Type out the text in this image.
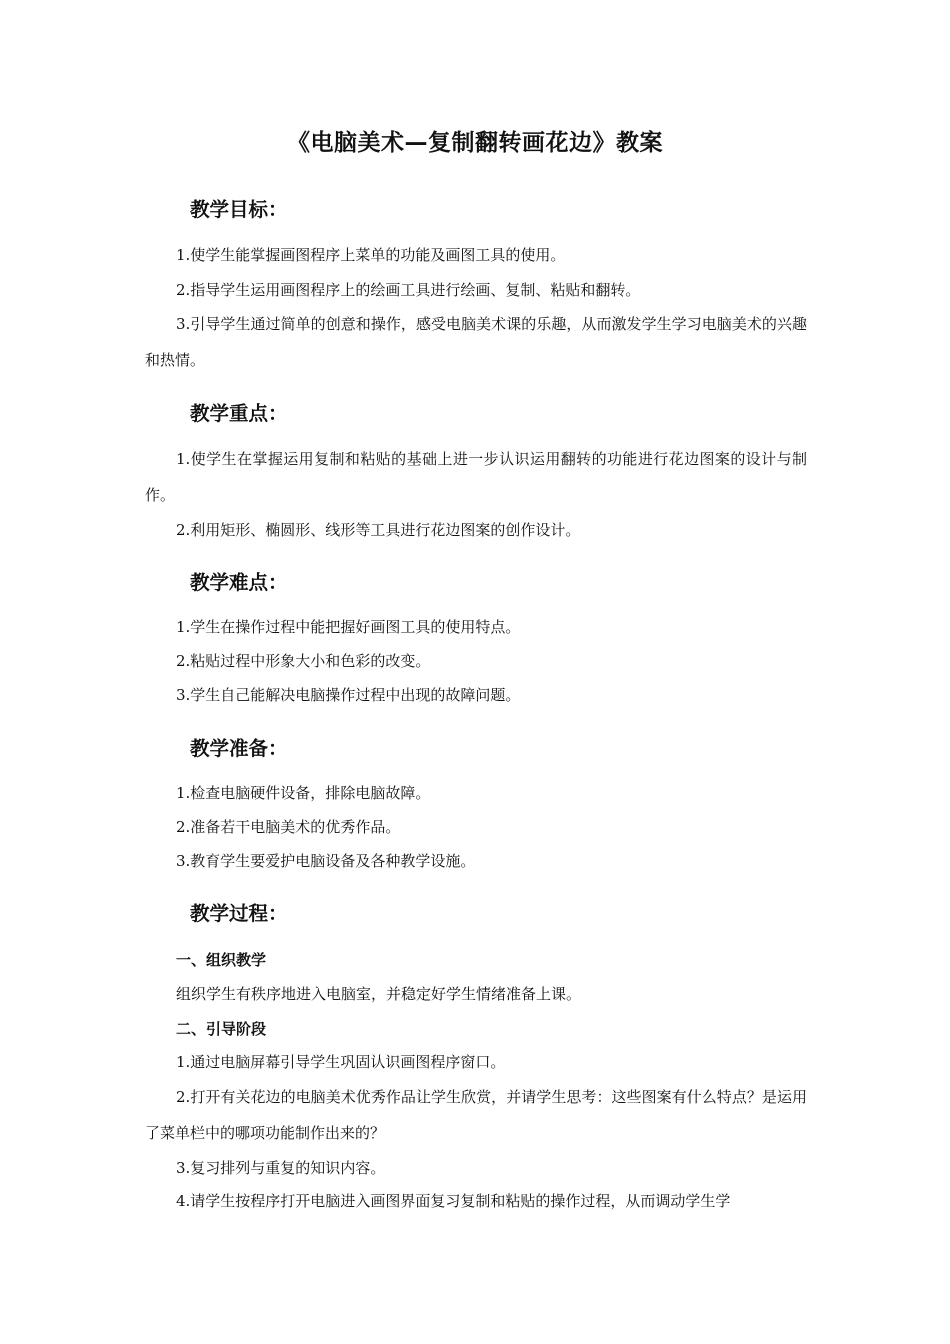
《电脑美术—复制翻转画花边》教案
教学目标：
1.使学生能掌握画图程序上菜单的功能及画图工具的使用。
2.指导学生运用画图程序上的绘画工具进行绘画、复制、粘贴和翻转。
3.引导学生通过简单的创意和操作，感受电脑美术课的乐趣，从而激发学生学习电脑美术的兴趣和热情。
教学重点：
1.使学生在掌握运用复制和粘贴的基础上进一步认识运用翻转的功能进行花边图案的设计与制作。
2.利用矩形、椭圆形、线形等工具进行花边图案的创作设计。
教学难点：
1.学生在操作过程中能把握好画图工具的使用特点。
2.粘贴过程中形象大小和色彩的改变。
3.学生自己能解决电脑操作过程中出现的故障问题。
教学准备：
1.检查电脑硬件设备，排除电脑故障。
2.准备若干电脑美术的优秀作品。
3.教育学生要爱护电脑设备及各种教学设施。
教学过程：
一、组织教学
组织学生有秩序地进入电脑室，并稳定好学生情绪准备上课。
二、引导阶段
1.通过电脑屏幕引导学生巩固认识画图程序窗口。
2.打开有关花边的电脑美术优秀作品让学生欣赏，并请学生思考：这些图案有什么特点？是运用了菜单栏中的哪项功能制作出来的？
3.复习排列与重复的知识内容。
4.请学生按程序打开电脑进入画图界面复习复制和粘贴的操作过程，从而调动学生学
